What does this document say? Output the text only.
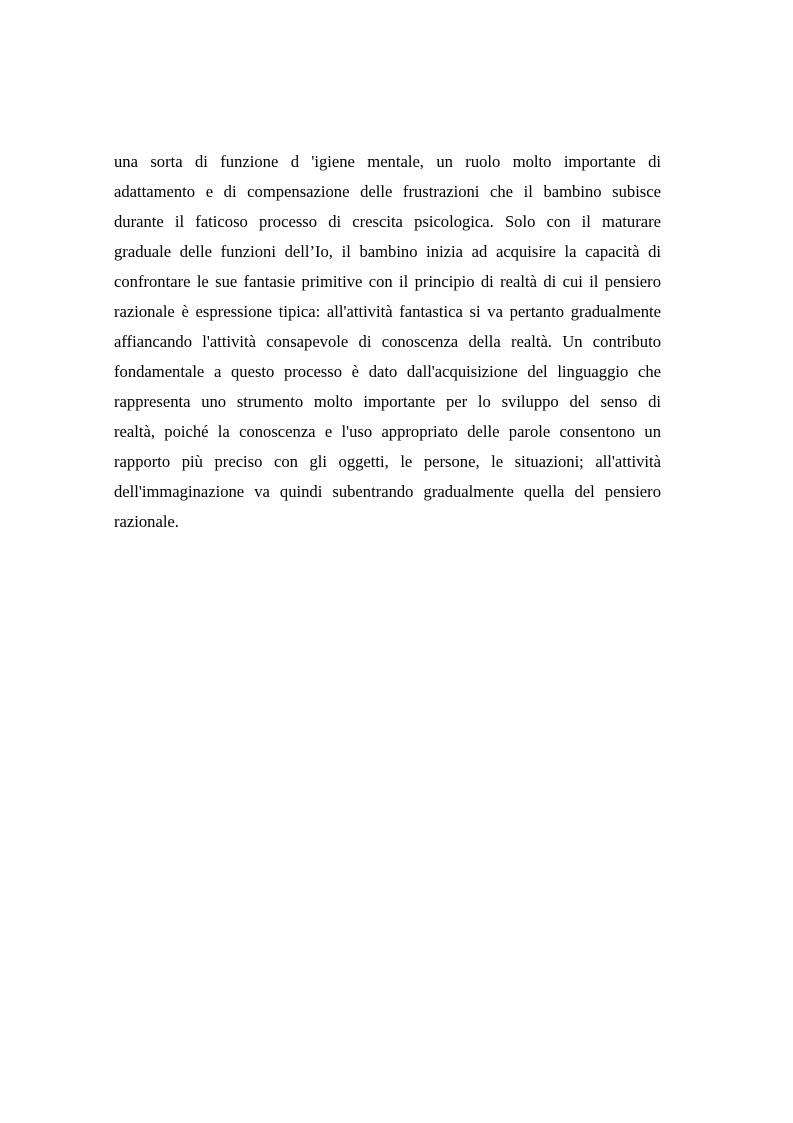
una sorta di funzione d 'igiene mentale, un ruolo molto importante di
adattamento e di compensazione delle frustrazioni che il bambino subisce
durante il faticoso processo di crescita psicologica. Solo con il maturare
graduale delle funzioni dell’Io, il bambino inizia ad acquisire la capacità di
confrontare le sue fantasie primitive con il principio di realtà di cui il pensiero
razionale è espressione tipica: all'attività fantastica si va pertanto gradualmente
affiancando l'attività consapevole di conoscenza della realtà. Un contributo
fondamentale a questo processo è dato dall'acquisizione del linguaggio che
rappresenta uno strumento molto importante per lo sviluppo del senso di
realtà, poiché la conoscenza e l'uso appropriato delle parole consentono un
rapporto più preciso con gli oggetti, le persone, le situazioni; all'attività
dell'immaginazione va quindi subentrando gradualmente quella del pensiero
razionale.
